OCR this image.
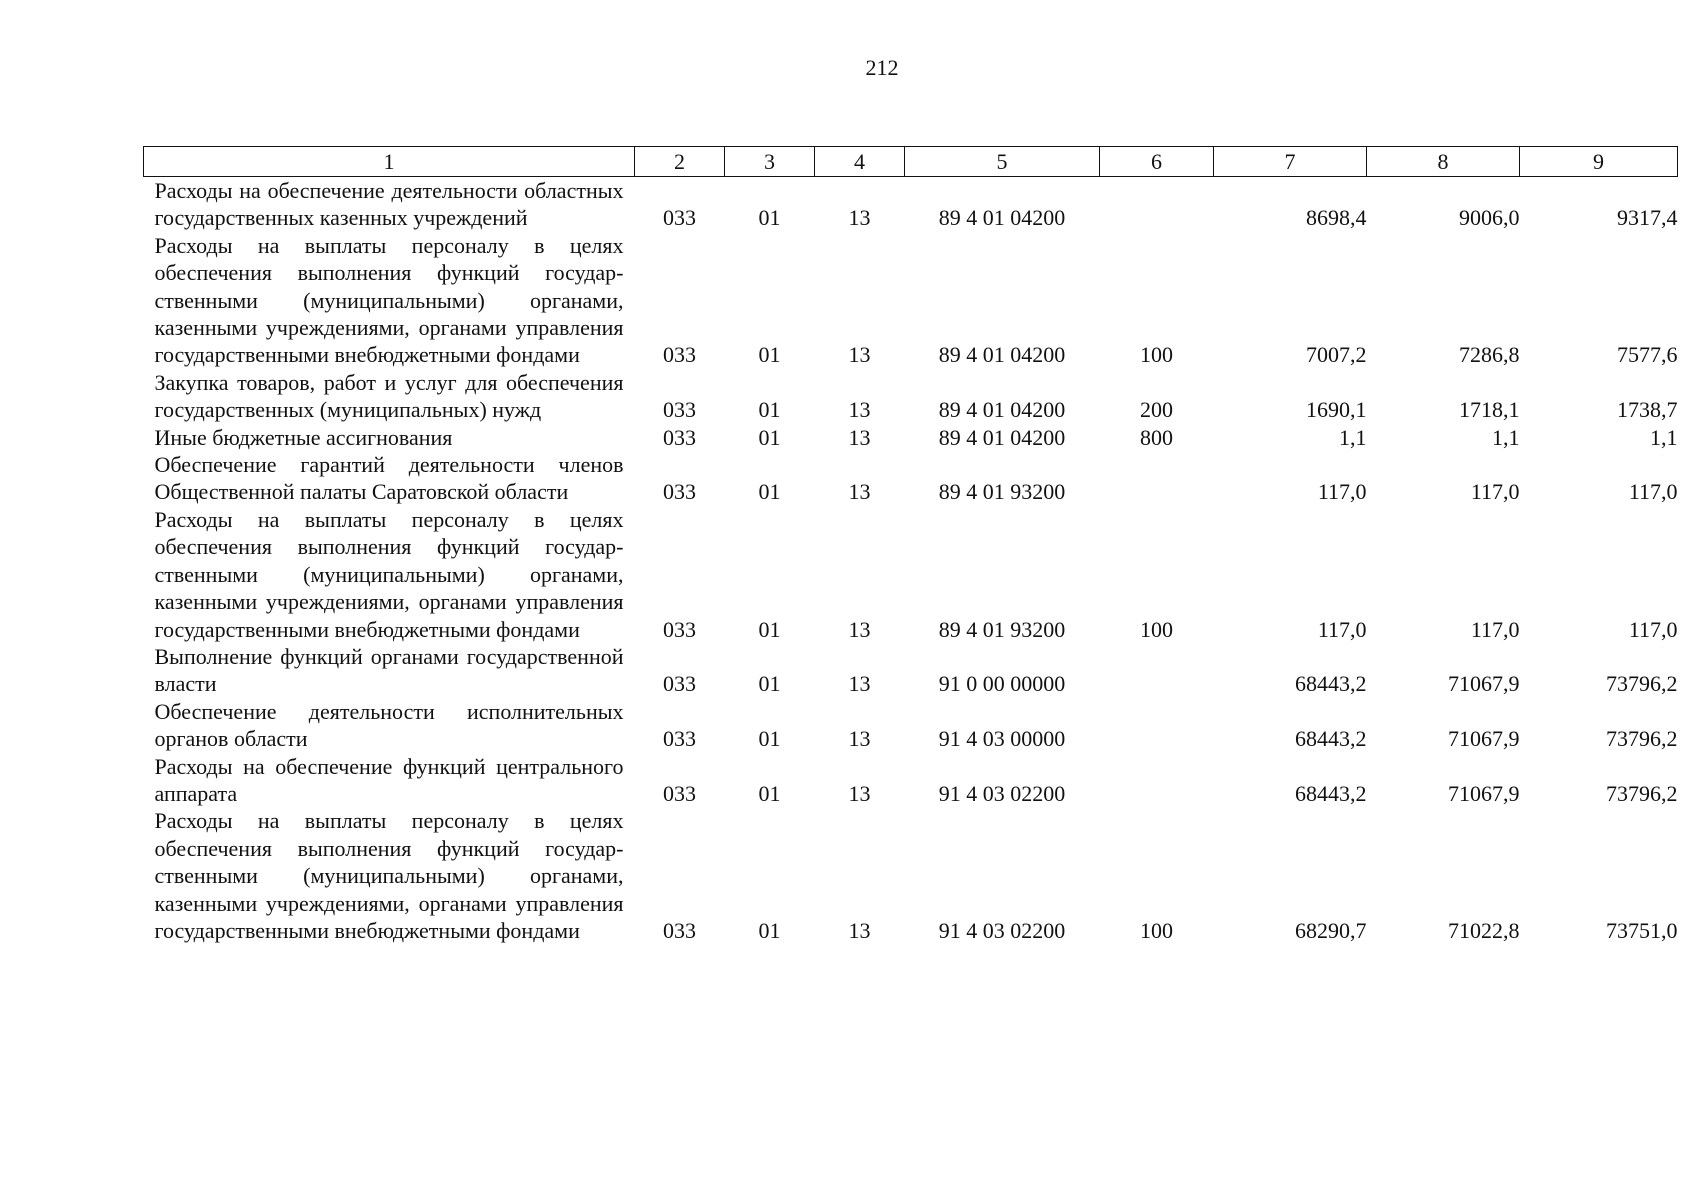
212
1	2	3	4	5	6	7	8	9
Расходы на обеспечение деятельности областных государственных казенных учреждений	033	01	13	89 4 01 04200		8698,4	9006,0	9317,4
Расходы на выплаты персоналу в целях обеспечения выполнения функций государственными (муниципальными) органами, казенными учреждениями, органами управления государственными внебюджетными фондами	033	01	13	89 4 01 04200	100	7007,2	7286,8	7577,6
Закупка товаров, работ и услуг для обеспечения государственных (муниципальных) нужд	033	01	13	89 4 01 04200	200	1690,1	1718,1	1738,7
Иные бюджетные ассигнования	033	01	13	89 4 01 04200	800	1,1	1,1	1,1
Обеспечение гарантий деятельности членов Общественной палаты Саратовской области	033	01	13	89 4 01 93200		117,0	117,0	117,0
Расходы на выплаты персоналу в целях обеспечения выполнения функций государственными (муниципальными) органами, казенными учреждениями, органами управления государственными внебюджетными фондами	033	01	13	89 4 01 93200	100	117,0	117,0	117,0
Выполнение функций органами государственной власти	033	01	13	91 0 00 00000		68443,2	71067,9	73796,2
Обеспечение деятельности исполнительных органов области	033	01	13	91 4 03 00000		68443,2	71067,9	73796,2
Расходы на обеспечение функций центрального аппарата	033	01	13	91 4 03 02200		68443,2	71067,9	73796,2
Расходы на выплаты персоналу в целях обеспечения выполнения функций государственными (муниципальными) органами, казенными учреждениями, органами управления государственными внебюджетными фондами	033	01	13	91 4 03 02200	100	68290,7	71022,8	73751,0
